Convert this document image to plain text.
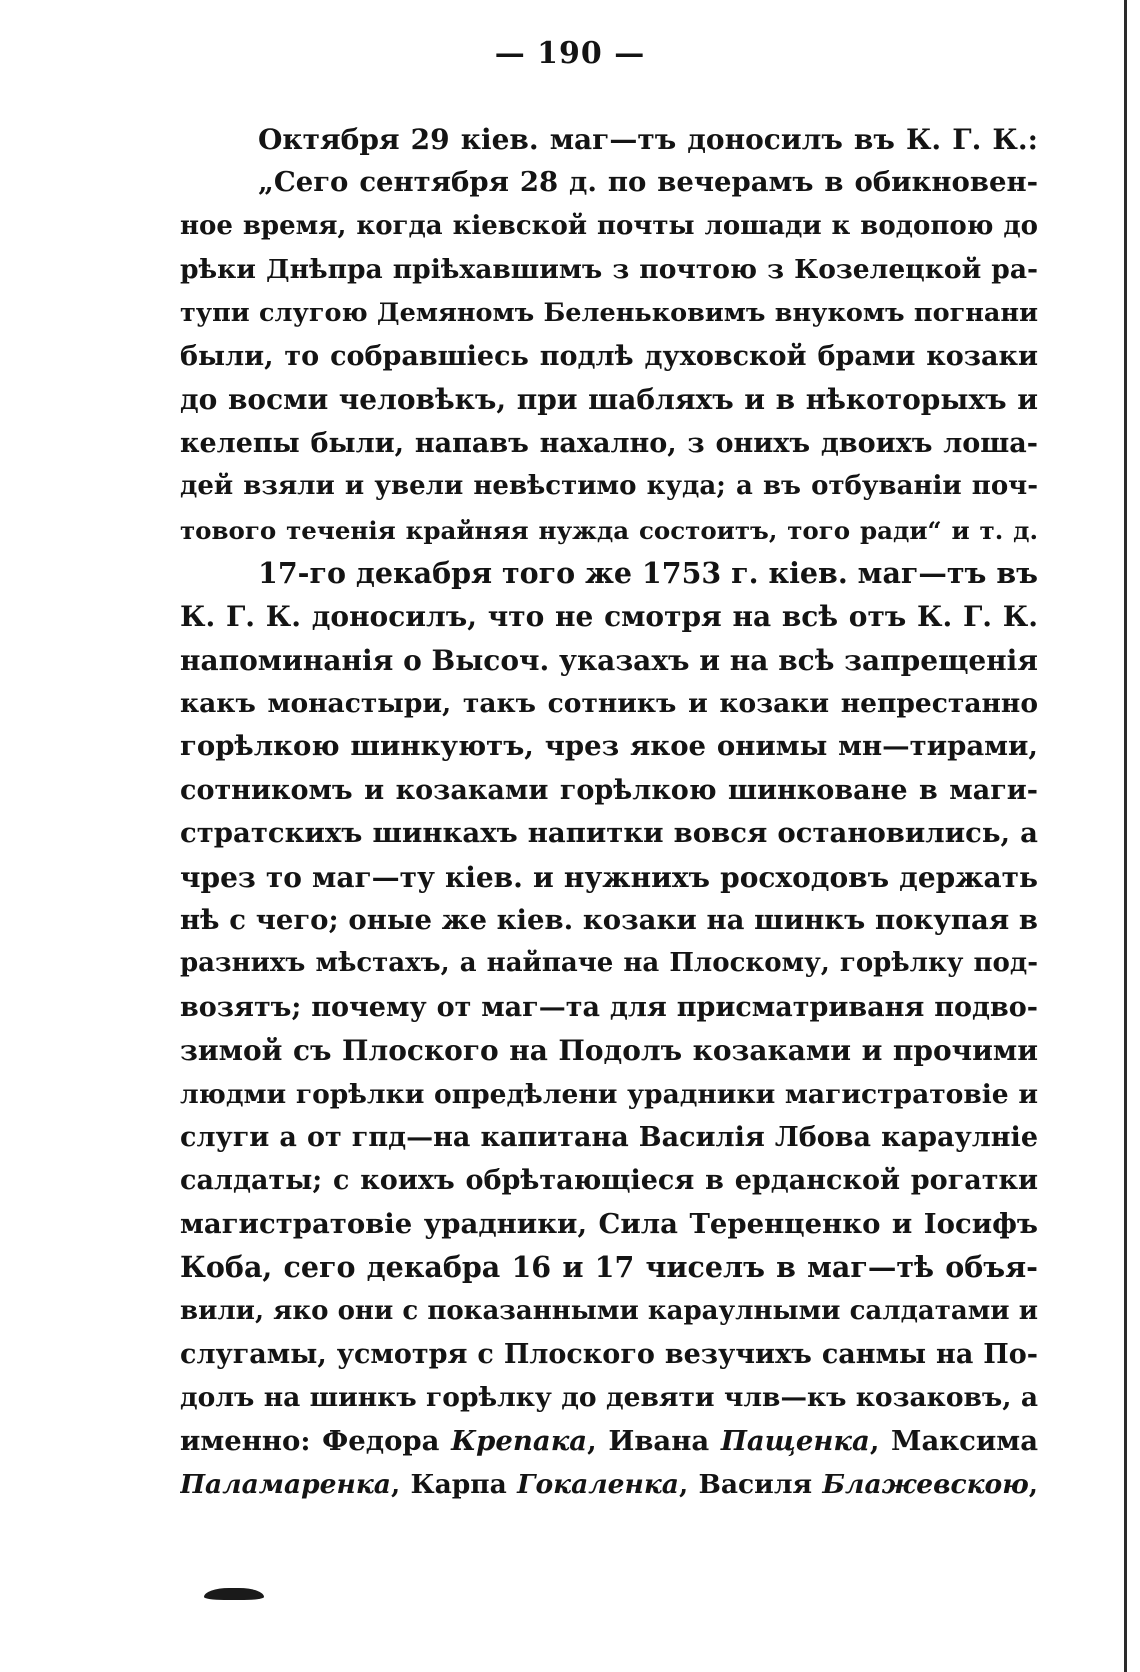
— 190 —
Октября 29 кіев. маг—тъ доносилъ въ К. Г. К.:
„Сего сентября 28 д. по вечерамъ в обикновен-
ное время, когда кіевской почты лошади к водопою до
рѣки Днѣпра пріѣхавшимъ з почтою з Козелецкой ра-
тупи слугою Демяномъ Беленьковимъ внукомъ погнани
были, то собравшіесь подлѣ духовской брами козаки
до восми человѣкъ, при шабляхъ и в нѣкоторыхъ и
келепы были, напавъ нахално, з онихъ двоихъ лоша-
дей взяли и увели невѣстимо куда; а въ отбуваніи поч-
тового теченія крайняя нужда состоитъ, того ради“ и т. д.
17-го декабря того же 1753 г. кіев. маг—тъ въ
К. Г. К. доносилъ, что не смотря на всѣ отъ К. Г. К.
напоминанія о Высоч. указахъ и на всѣ запрещенія
какъ монастыри, такъ сотникъ и козаки непрестанно
горѣлкою шинкуютъ, чрез якое онимы мн—тирами,
сотникомъ и козаками горѣлкою шинковане в маги-
стратскихъ шинкахъ напитки вовся остановились, а
чрез то маг—ту кіев. и нужнихъ росходовъ держать
нѣ с чего; оные же кіев. козаки на шинкъ покупая в
разнихъ мѣстахъ, а найпаче на Плоскому, горѣлку под-
возятъ; почему от маг—та для присматриваня подво-
зимой съ Плоского на Подолъ козаками и прочими
людми горѣлки опредѣлени урадники магистратовіе и
слуги а от гпд—на капитана Василія Лбова караулніе
салдаты; с коихъ обрѣтающіеся в ерданской рогатки
магистратовіе урадники, Сила Теренценко и Іосифъ
Коба, сего декабра 16 и 17 чиселъ в маг—тѣ объя-
вили, яко они с показанными караулными салдатами и
слугамы, усмотря с Плоского везучихъ санмы на По-
долъ на шинкъ горѣлку до девяти члв—къ козаковъ, а
именно: Федора Крепака, Ивана Пащенка, Максима
Паламаренка, Карпа Гокаленка, Василя Блажевскою,
